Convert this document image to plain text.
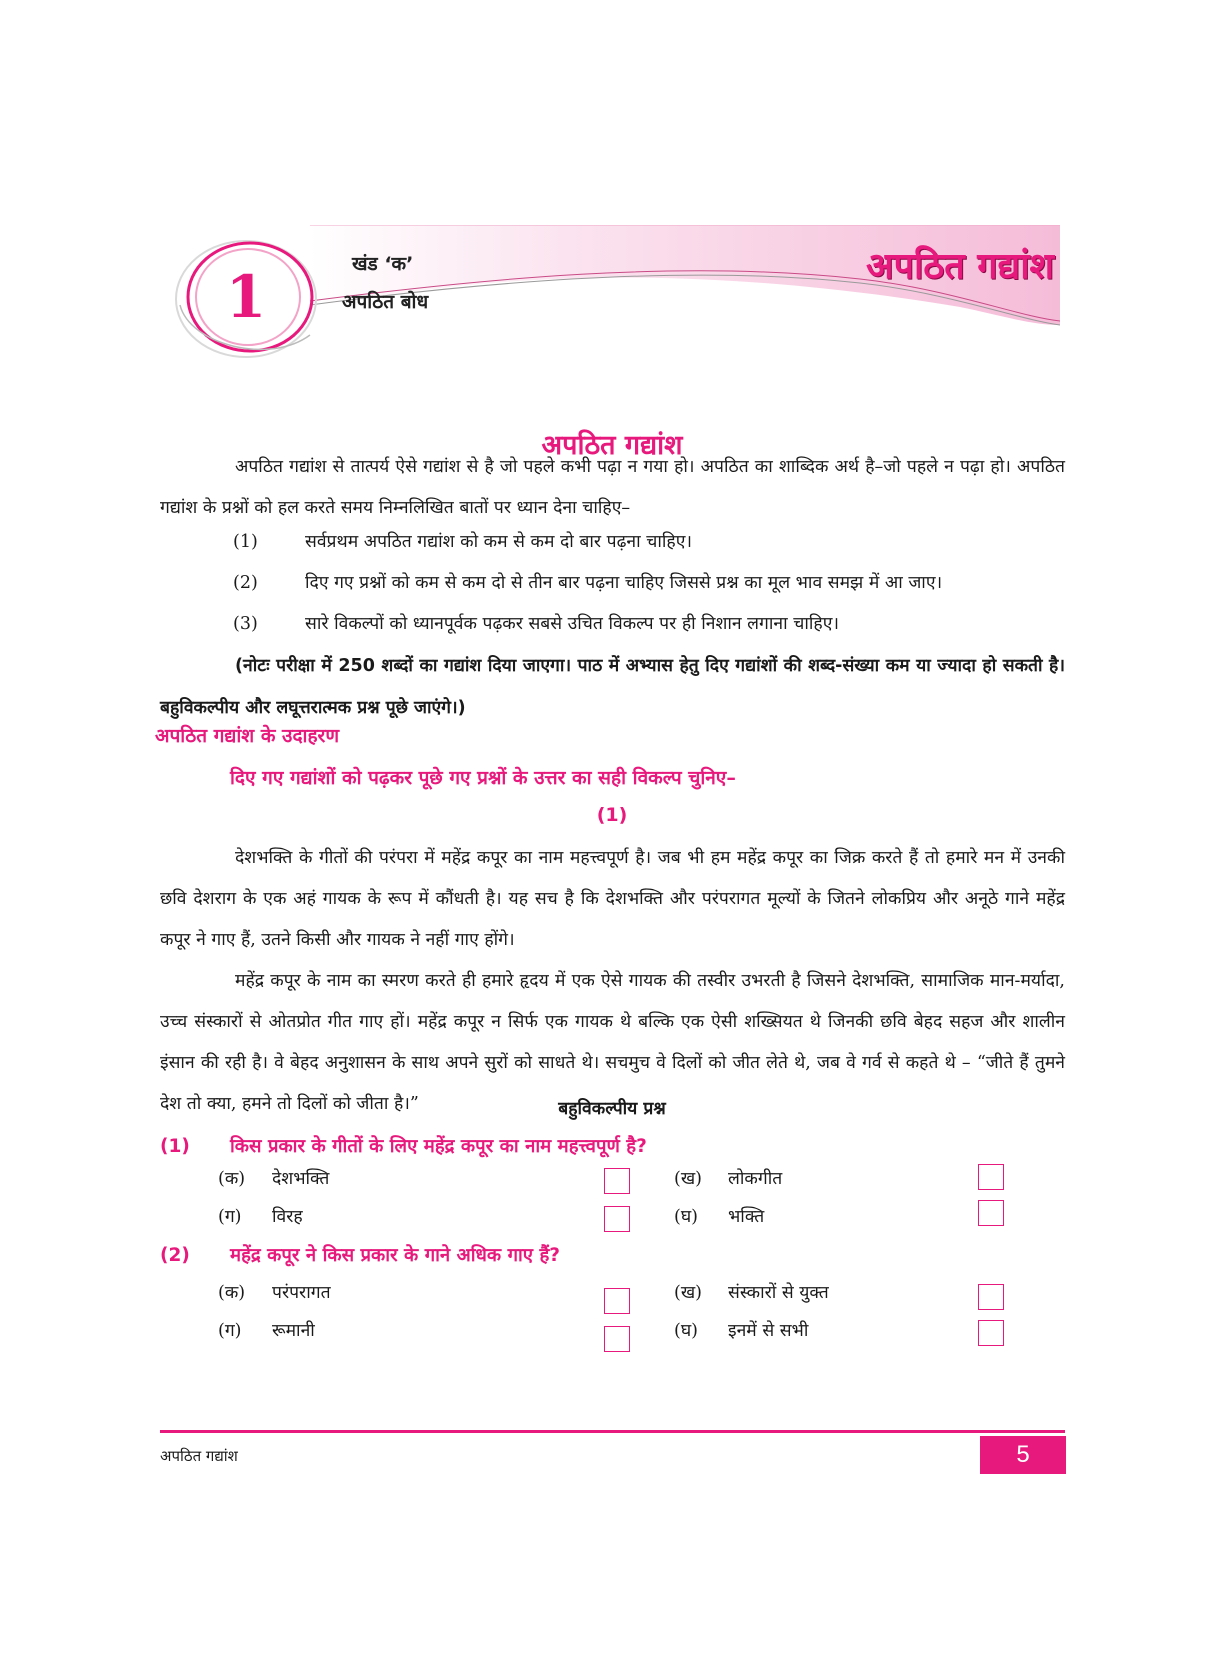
1	खंड ‘क’
अपठित बोध
अपठित गद्यांश
अपठित गद्यांश
अपठित गद्यांश से तात्पर्य ऐसे गद्यांश से है जो पहले कभी पढ़ा न गया हो। अपठित का शाब्दिक अर्थ है–जो पहले न पढ़ा हो। अपठित गद्यांश के प्रश्नों को हल करते समय निम्नलिखित बातों पर ध्यान देना चाहिए–
(1)	सर्वप्रथम अपठित गद्यांश को कम से कम दो बार पढ़ना चाहिए।
(2)	दिए गए प्रश्नों को कम से कम दो से तीन बार पढ़ना चाहिए जिससे प्रश्न का मूल भाव समझ में आ जाए।
(3)	सारे विकल्पों को ध्यानपूर्वक पढ़कर सबसे उचित विकल्प पर ही निशान लगाना चाहिए।
(नोटः परीक्षा में 250 शब्दों का गद्यांश दिया जाएगा। पाठ में अभ्यास हेतु दिए गद्यांशों की शब्द-संख्या कम या ज्यादा हो सकती है। बहुविकल्पीय और लघूत्तरात्मक प्रश्न पूछे जाएंगे।)
अपठित गद्यांश के उदाहरण
दिए गए गद्यांशों को पढ़कर पूछे गए प्रश्नों के उत्तर का सही विकल्प चुनिए–
(1)
देशभक्ति के गीतों की परंपरा में महेंद्र कपूर का नाम महत्त्वपूर्ण है। जब भी हम महेंद्र कपूर का जिक्र करते हैं तो हमारे मन में उनकी छवि देशराग के एक अहं गायक के रूप में कौंधती है। यह सच है कि देशभक्ति और परंपरागत मूल्यों के जितने लोकप्रिय और अनूठे गाने महेंद्र कपूर ने गाए हैं, उतने किसी और गायक ने नहीं गाए होंगे।
महेंद्र कपूर के नाम का स्मरण करते ही हमारे हृदय में एक ऐसे गायक की तस्वीर उभरती है जिसने देशभक्ति, सामाजिक मान-मर्यादा, उच्च संस्कारों से ओतप्रोत गीत गाए हों। महेंद्र कपूर न सिर्फ एक गायक थे बल्कि एक ऐसी शख्सियत थे जिनकी छवि बेहद सहज और शालीन इंसान की रही है। वे बेहद अनुशासन के साथ अपने सुरों को साधते थे। सचमुच वे दिलों को जीत लेते थे, जब वे गर्व से कहते थे – “जीते हैं तुमने देश तो क्या, हमने तो दिलों को जीता है।”	बहुविकल्पीय प्रश्न
(1) किस प्रकार के गीतों के लिए महेंद्र कपूर का नाम महत्त्वपूर्ण है?
(क) देशभक्ति	(ख) लोकगीत
(ग) विरह	(घ) भक्ति
(2) महेंद्र कपूर ने किस प्रकार के गाने अधिक गाए हैं?
(क) परंपरागत	(ख) संस्कारों से युक्त
(ग) रूमानी	(घ) इनमें से सभी
अपठित गद्यांश	5
